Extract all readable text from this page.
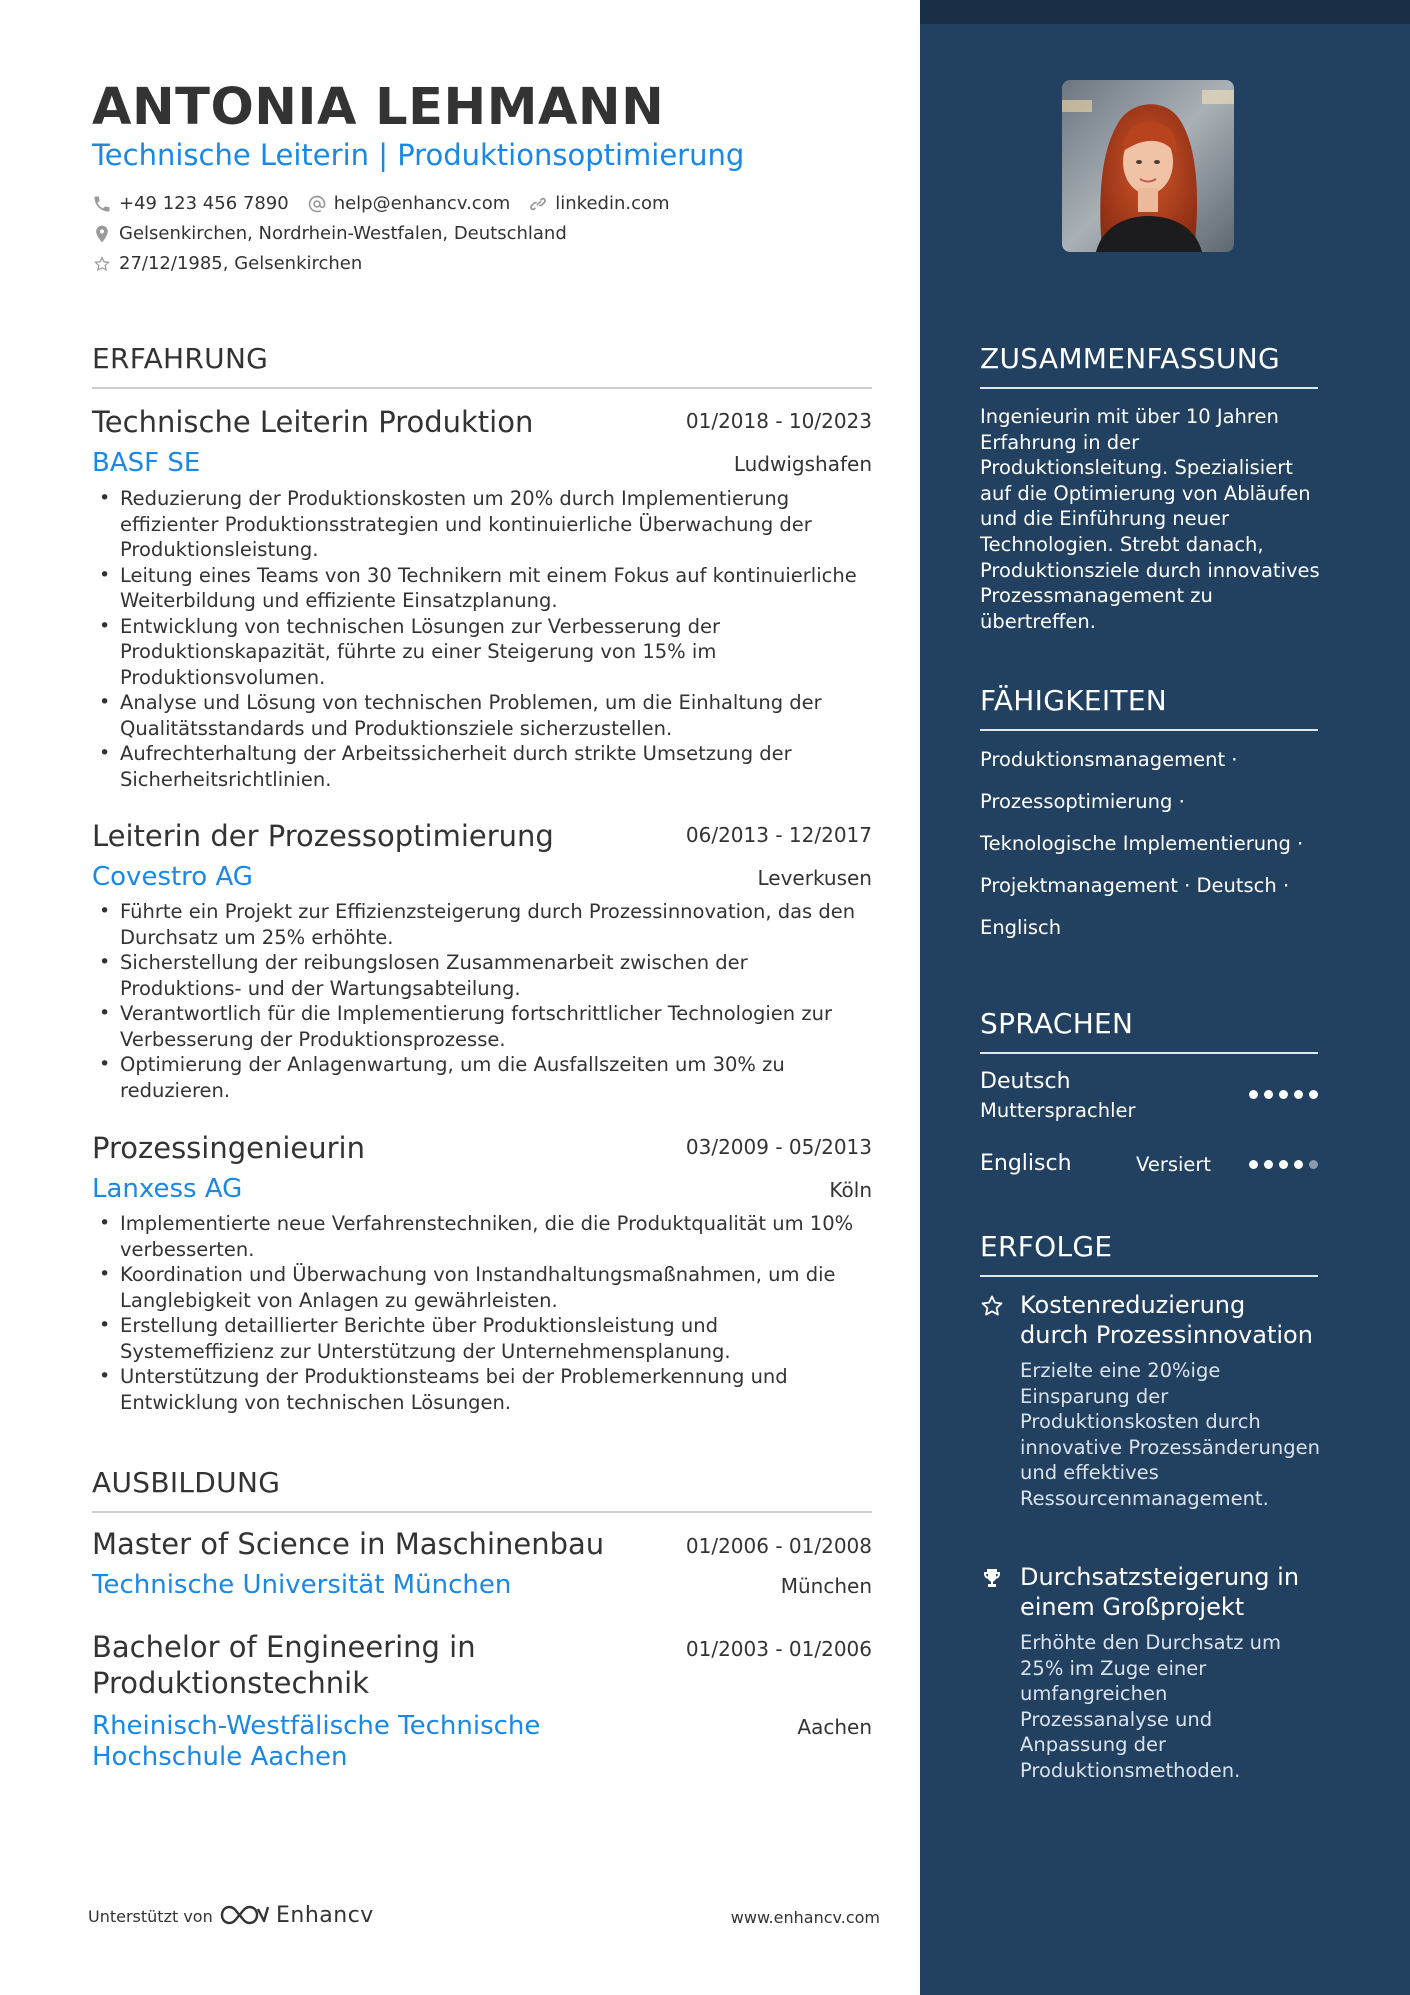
ANTONIA LEHMANN
Technische Leiterin | Produktionsoptimierung
+49 123 456 7890	help@enhancv.com	linkedin.com
Gelsenkirchen, Nordrhein-Westfalen, Deutschland
27/12/1985, Gelsenkirchen
ERFAHRUNG
Technische Leiterin Produktion	01/2018 - 10/2023
BASF SE	Ludwigshafen
• Reduzierung der Produktionskosten um 20% durch Implementierung effizienter Produktionsstrategien und kontinuierliche Überwachung der Produktionsleistung.
• Leitung eines Teams von 30 Technikern mit einem Fokus auf kontinuierliche Weiterbildung und effiziente Einsatzplanung.
• Entwicklung von technischen Lösungen zur Verbesserung der Produktionskapazität, führte zu einer Steigerung von 15% im Produktionsvolumen.
• Analyse und Lösung von technischen Problemen, um die Einhaltung der Qualitätsstandards und Produktionsziele sicherzustellen.
• Aufrechterhaltung der Arbeitssicherheit durch strikte Umsetzung der Sicherheitsrichtlinien.
Leiterin der Prozessoptimierung	06/2013 - 12/2017
Covestro AG	Leverkusen
• Führte ein Projekt zur Effizienzsteigerung durch Prozessinnovation, das den Durchsatz um 25% erhöhte.
• Sicherstellung der reibungslosen Zusammenarbeit zwischen der Produktions- und der Wartungsabteilung.
• Verantwortlich für die Implementierung fortschrittlicher Technologien zur Verbesserung der Produktionsprozesse.
• Optimierung der Anlagenwartung, um die Ausfallszeiten um 30% zu reduzieren.
Prozessingenieurin	03/2009 - 05/2013
Lanxess AG	Köln
• Implementierte neue Verfahrenstechniken, die die Produktqualität um 10% verbesserten.
• Koordination und Überwachung von Instandhaltungsmaßnahmen, um die Langlebigkeit von Anlagen zu gewährleisten.
• Erstellung detaillierter Berichte über Produktionsleistung und Systemeffizienz zur Unterstützung der Unternehmensplanung.
• Unterstützung der Produktionsteams bei der Problemerkennung und Entwicklung von technischen Lösungen.
AUSBILDUNG
Master of Science in Maschinenbau	01/2006 - 01/2008
Technische Universität München	München
Bachelor of Engineering in
Produktionstechnik
01/2003 - 01/2006
Rheinisch-Westfälische Technische
Hochschule Aachen
Aachen
Unterstützt von	Enhancv	www.enhancv.com
ZUSAMMENFASSUNG
Ingenieurin mit über 10 Jahren Erfahrung in der Produktionsleitung. Spezialisiert auf die Optimierung von Abläufen und die Einführung neuer Technologien. Strebt danach, Produktionsziele durch innovatives Prozessmanagement zu übertreffen.
FÄHIGKEITEN
Produktionsmanagement ·
Prozessoptimierung ·
Teknologische Implementierung ·
Projektmanagement · Deutsch ·
Englisch
SPRACHEN
Deutsch
Muttersprachler
Englisch	Versiert
ERFOLGE
Kostenreduzierung durch Prozessinnovation
Erzielte eine 20%ige Einsparung der Produktionskosten durch innovative Prozessänderungen und effektives Ressourcenmanagement.
Durchsatzsteigerung in einem Großprojekt
Erhöhte den Durchsatz um 25% im Zuge einer umfangreichen Prozessanalyse und Anpassung der Produktionsmethoden.
